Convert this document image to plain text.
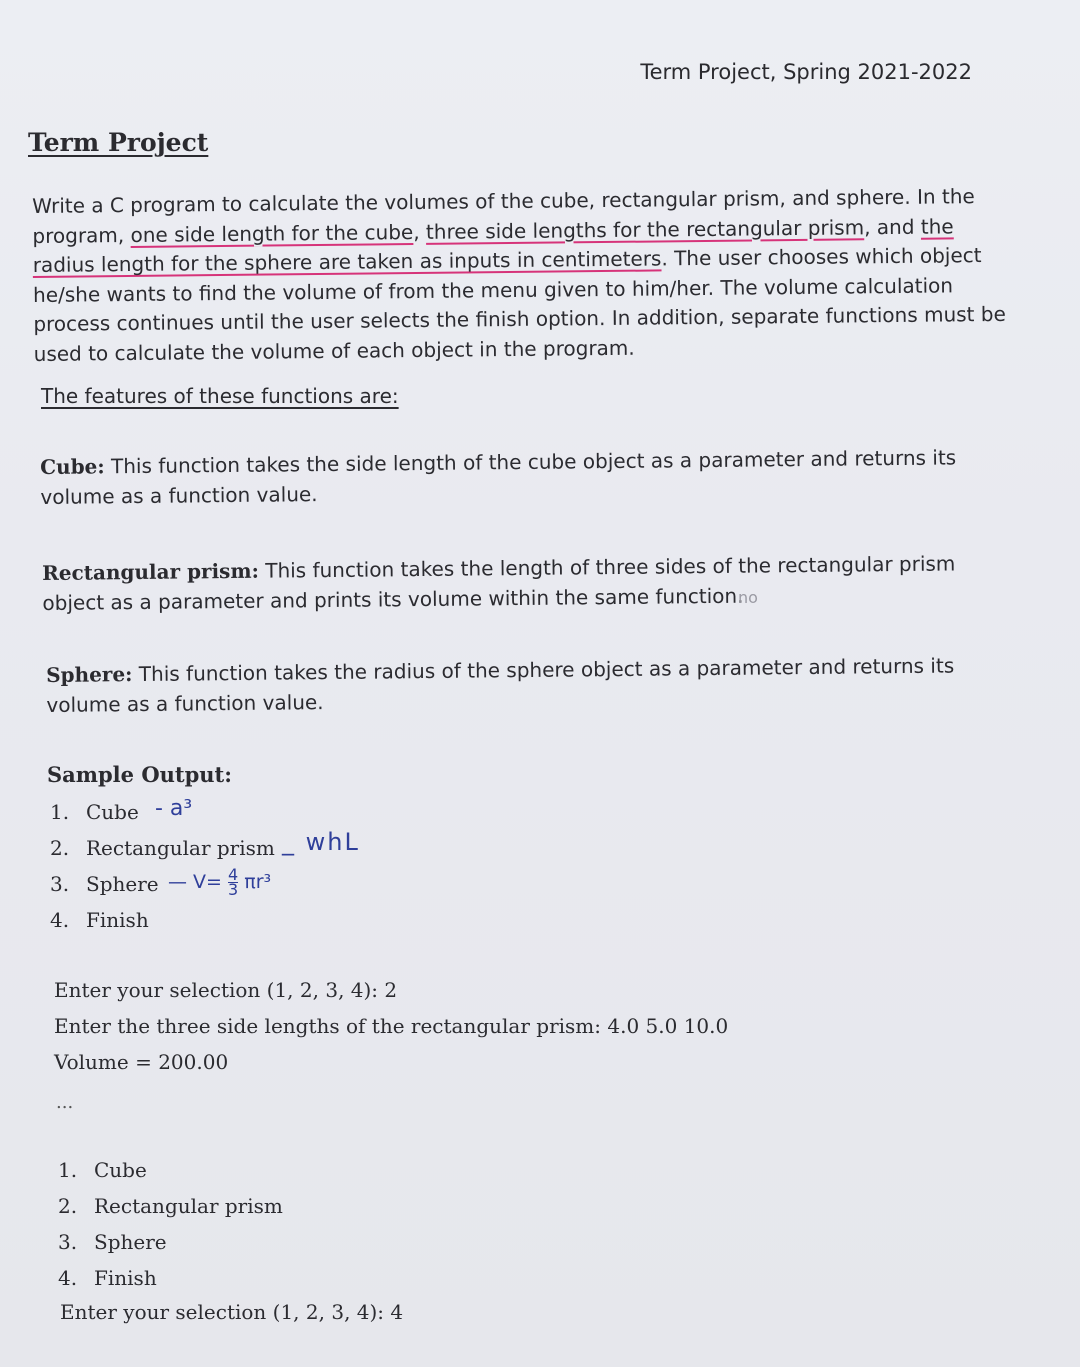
Term Project, Spring 2021-2022
Term Project

Write a C program to calculate the volumes of the cube, rectangular prism, and sphere. In the program, one side length for the cube, three side lengths for the rectangular prism, and the radius length for the sphere are taken as inputs in centimeters. The user chooses which object he/she wants to find the volume of from the menu given to him/her. The volume calculation process continues until the user selects the finish option. In addition, separate functions must be used to calculate the volume of each object in the program.

The features of these functions are:

Cube: This function takes the side length of the cube object as a parameter and returns its volume as a function value.

Rectangular prism: This function takes the length of three sides of the rectangular prism object as a parameter and prints its volume within the same function.

Sphere: This function takes the radius of the sphere object as a parameter and returns its volume as a function value.

Sample Output:
1. Cube
2. Rectangular prism
3. Sphere
4. Finish
- a³
_ whL
— $V= \frac{4}{3} \pi r^3$
no
Enter your selection (1, 2, 3, 4): 2
Enter the three side lengths of the rectangular prism: 4.0 5.0 10.0
Volume = 200.00
...
1. Cube
2. Rectangular prism
3. Sphere
4. Finish
Enter your selection (1, 2, 3, 4): 4
